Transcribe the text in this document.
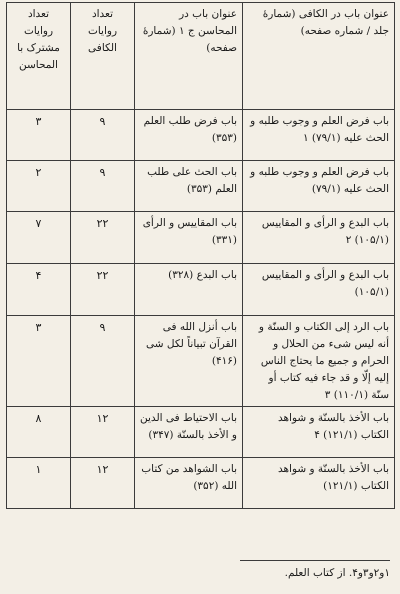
عنوان باب در الکافی (شمارهٔ جلد / شماره صفحه)	عنوان باب در المحاسن ج ۱ (شمارهٔ صفحه)	تعداد روایات الکافی	تعداد روایات مشترک با المحاسن
باب فرض العلم و وجوب طلبه و الحث علیه (۷۹/۱) ۱	باب فرض طلب العلم (۳۵۳)	۹	۳
باب فرض العلم و وجوب طلبه و الحث علیه (۷۹/۱)	باب الحث علی طلب العلم (۳۵۳)	۹	۲
باب البدع و الرأی و المقاییس (۱۰۵/۱) ۲	باب المقاییس و الرأی (۳۳۱)	۲۲	۷
باب البدع و الرأی و المقاییس (۱۰۵/۱)	باب البدع (۳۲۸)	۲۲	۴
باب الرد إلی الکتاب و السنّة و أنه لیس شیء من الحلال و الحرام و جمیع ما یحتاج الناس إلیه إلّا و قد جاء فیه کتاب أو سنّة (۱۱۰/۱) ۳	باب أنزل الله فی القرآن تبیاناً لکل شی (۴۱۶)	۹	۳
باب الأخذ بالسنّة و شواهد الکتاب (۱۲۱/۱) ۴	باب الاحتیاط فی الدین و الأخذ بالسنّة (۳۴۷)	۱۲	۸
باب الأخذ بالسنّة و شواهد الکتاب (۱۲۱/۱)	باب الشواهد من کتاب الله (۳۵۲)	۱۲	۱
۱و۲و۳و۴. از کتاب العلم.
